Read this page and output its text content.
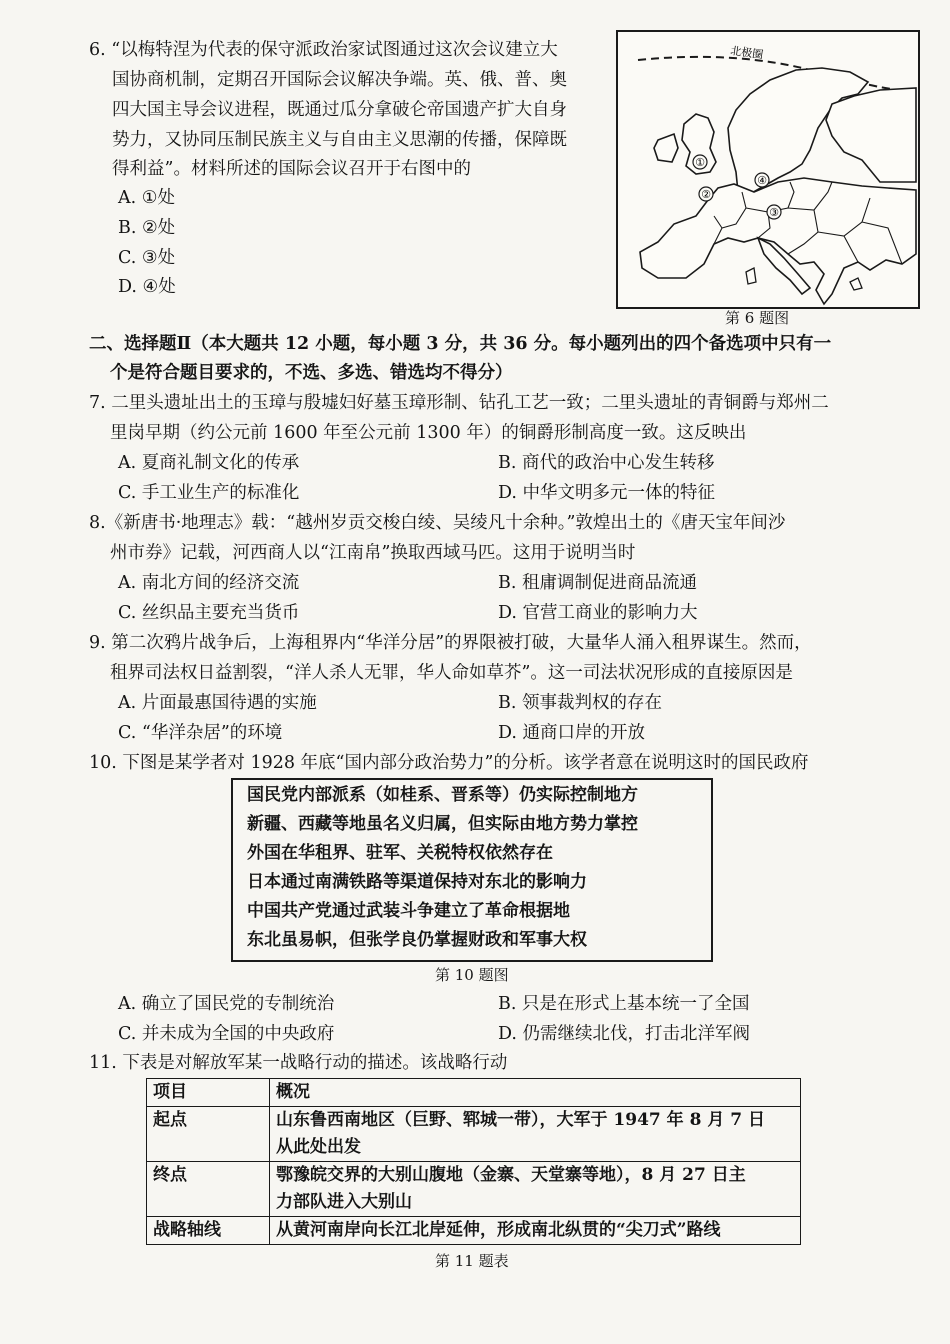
6. “以梅特涅为代表的保守派政治家试图通过这次会议建立大
国协商机制，定期召开国际会议解决争端。英、俄、普、奥
四大国主导会议进程，既通过瓜分拿破仑帝国遗产扩大自身
势力，又协同压制民族主义与自由主义思潮的传播，保障既
得利益”。材料所述的国际会议召开于右图中的
A. ①处
B. ②处
C. ③处
D. ④处
北极圈
①
②
③
④
第 6 题图
二、选择题Ⅱ（本大题共 12 小题，每小题 3 分，共 36 分。每小题列出的四个备选项中只有一
个是符合题目要求的，不选、多选、错选均不得分）
7. 二里头遗址出土的玉璋与殷墟妇好墓玉璋形制、钻孔工艺一致；二里头遗址的青铜爵与郑州二
里岗早期（约公元前 1600 年至公元前 1300 年）的铜爵形制高度一致。这反映出
A. 夏商礼制文化的传承	B. 商代的政治中心发生转移
C. 手工业生产的标准化	D. 中华文明多元一体的特征
8.《新唐书·地理志》载：“越州岁贡交梭白绫、吴绫凡十余种。”敦煌出土的《唐天宝年间沙
州市券》记载，河西商人以“江南帛”换取西域马匹。这用于说明当时
A. 南北方间的经济交流	B. 租庸调制促进商品流通
C. 丝织品主要充当货币	D. 官营工商业的影响力大
9. 第二次鸦片战争后，上海租界内“华洋分居”的界限被打破，大量华人涌入租界谋生。然而，
租界司法权日益割裂，“洋人杀人无罪，华人命如草芥”。这一司法状况形成的直接原因是
A. 片面最惠国待遇的实施	B. 领事裁判权的存在
C. “华洋杂居”的环境	D. 通商口岸的开放
10. 下图是某学者对 1928 年底“国内部分政治势力”的分析。该学者意在说明这时的国民政府
国民党内部派系（如桂系、晋系等）仍实际控制地方
新疆、西藏等地虽名义归属，但实际由地方势力掌控
外国在华租界、驻军、关税特权依然存在
日本通过南满铁路等渠道保持对东北的影响力
中国共产党通过武装斗争建立了革命根据地
东北虽易帜，但张学良仍掌握财政和军事大权
第 10 题图
A. 确立了国民党的专制统治	B. 只是在形式上基本统一了全国
C. 并未成为全国的中央政府	D. 仍需继续北伐，打击北洋军阀
11. 下表是对解放军某一战略行动的描述。该战略行动
项目	概况
起点	山东鲁西南地区（巨野、郓城一带），大军于 1947 年 8 月 7 日
从此处出发

终点	鄂豫皖交界的大别山腹地（金寨、天堂寨等地），8 月 27 日主
力部队进入大别山

战略轴线	从黄河南岸向长江北岸延伸，形成南北纵贯的“尖刀式”路线
第 11 题表
